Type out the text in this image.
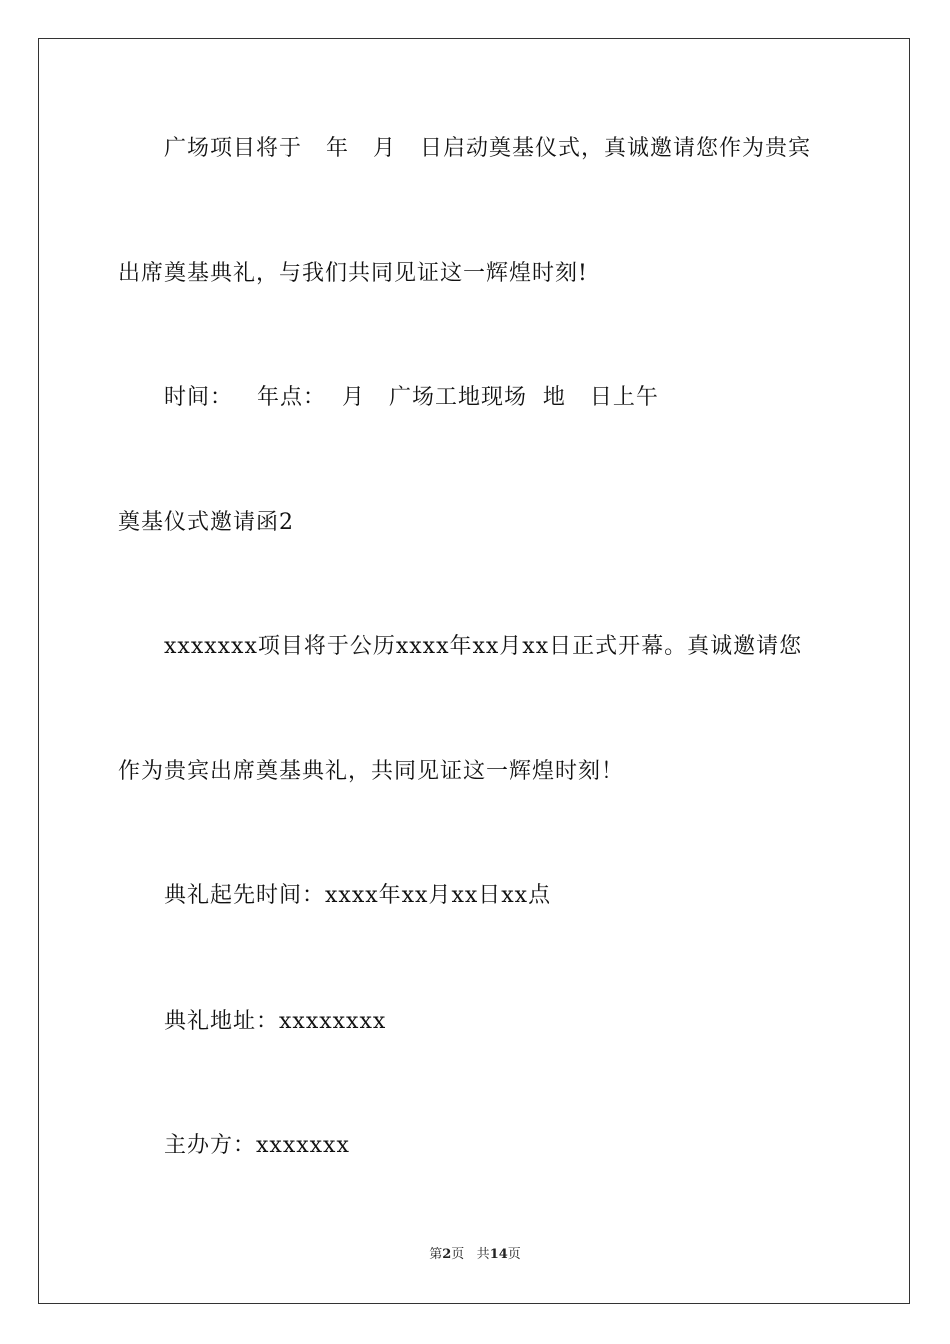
广场项目将于   年   月   日启动奠基仪式，真诚邀请您作为贵宾
出席奠基典礼，与我们共同见证这一辉煌时刻!
时间：   年点：  月   广场工地现场  地   日上午
奠基仪式邀请函2
xxxxxxx项目将于公历xxxx年xx月xx日正式开幕。真诚邀请您
作为贵宾出席奠基典礼，共同见证这一辉煌时刻！
典礼起先时间：xxxx年xx月xx日xx点
典礼地址：xxxxxxxx
主办方：xxxxxxx
第2页 共14页
